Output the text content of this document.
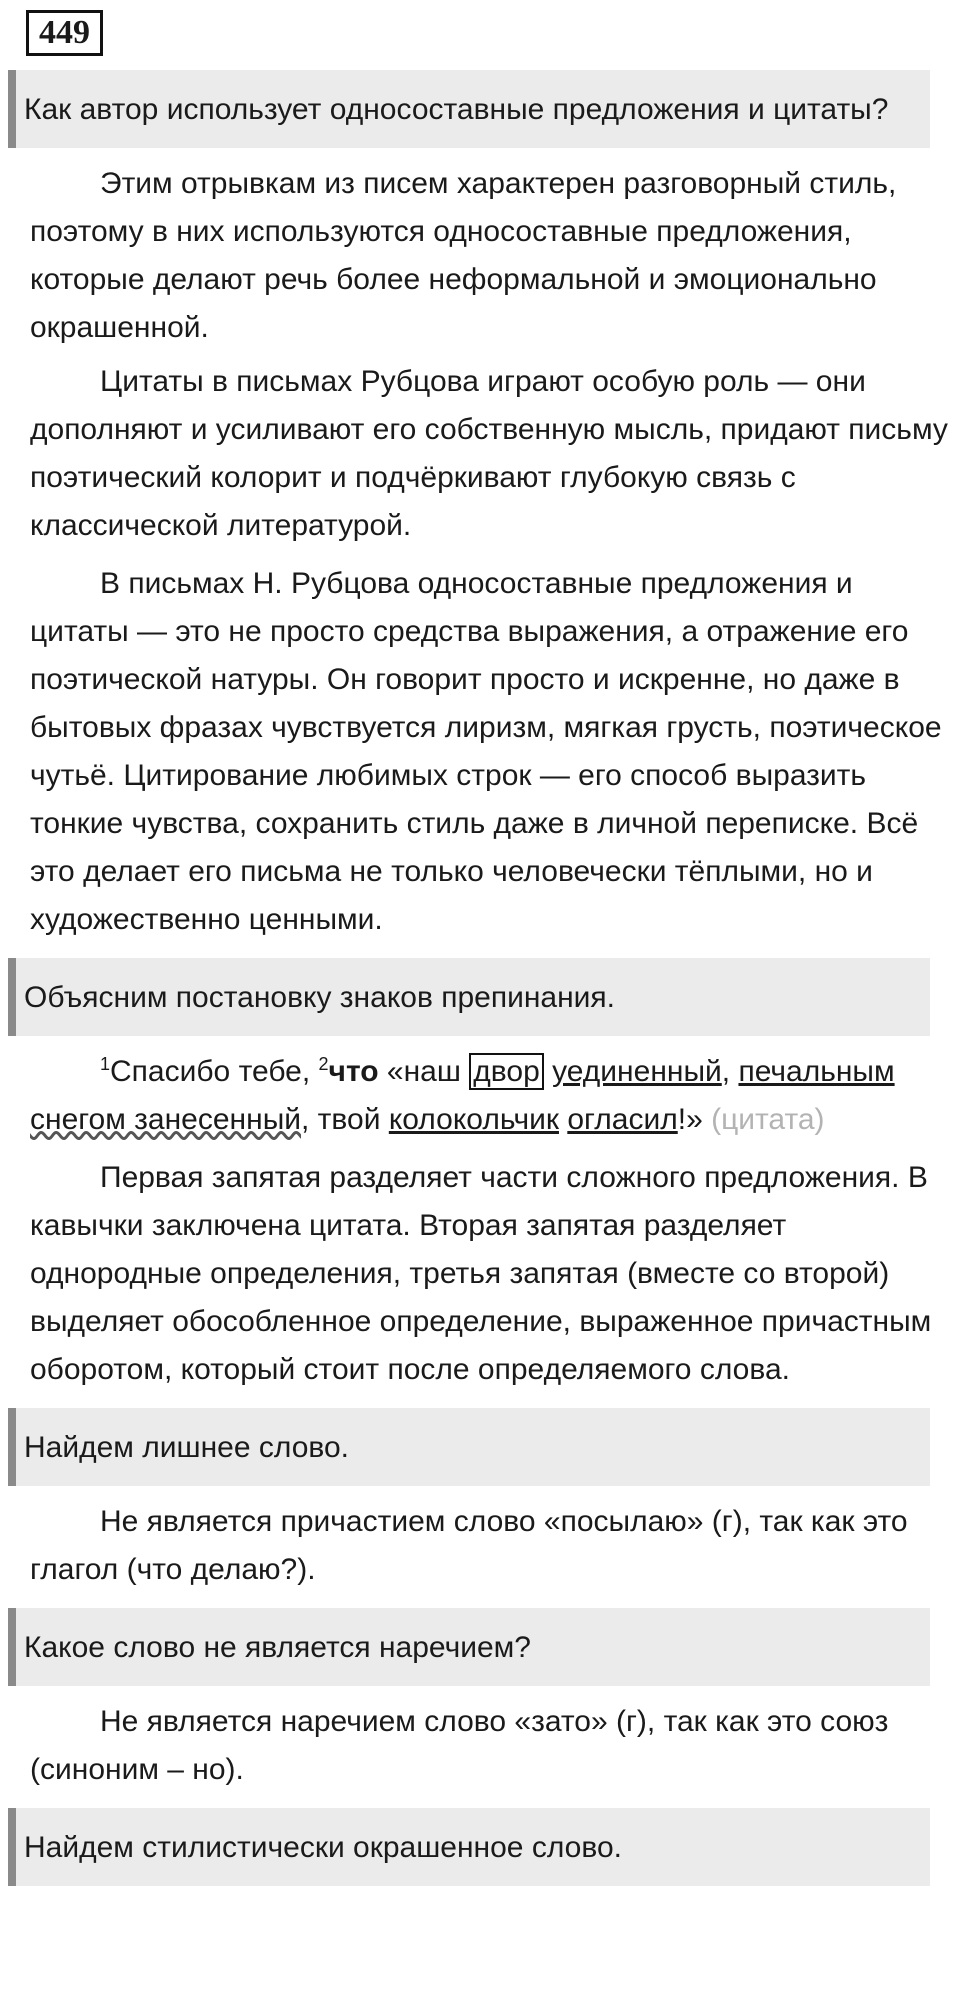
449
Как автор использует односоставные предложения и цитаты?

Этим отрывкам из писем характерен разговорный стиль, поэтому в них используются односоставные предложения, которые делают речь более неформальной и эмоционально окрашенной.

Цитаты в письмах Рубцова играют особую роль — они дополняют и усиливают его собственную мысль, придают письму поэтический колорит и подчёркивают глубокую связь с классической литературой.

В письмах Н. Рубцова односоставные предложения и цитаты — это не просто средства выражения, а отражение его поэтической натуры. Он говорит просто и искренне, но даже в бытовых фразах чувствуется лиризм, мягкая грусть, поэтическое чутьё. Цитирование любимых строк — его способ выразить тонкие чувства, сохранить стиль даже в личной переписке. Всё это делает его письма не только человечески тёплыми, но и художественно ценными.

Объясним постановку знаков препинания.

$^1$Спасибо тебе, $^2$что «наш двор уединенный, печальным снегом занесенный, твой колокольчик огласил!» (цитата)

Первая запятая разделяет части сложного предложения. В кавычки заключена цитата. Вторая запятая разделяет однородные определения, третья запятая (вместе со второй) выделяет обособленное определение, выраженное причастным оборотом, который стоит после определяемого слова.

Найдем лишнее слово.

Не является причастием слово «посылаю» (г), так как это глагол (что делаю?).

Какое слово не является наречием?

Не является наречием слово «зато» (г), так как это союз (синоним – но).

Найдем стилистически окрашенное слово.
